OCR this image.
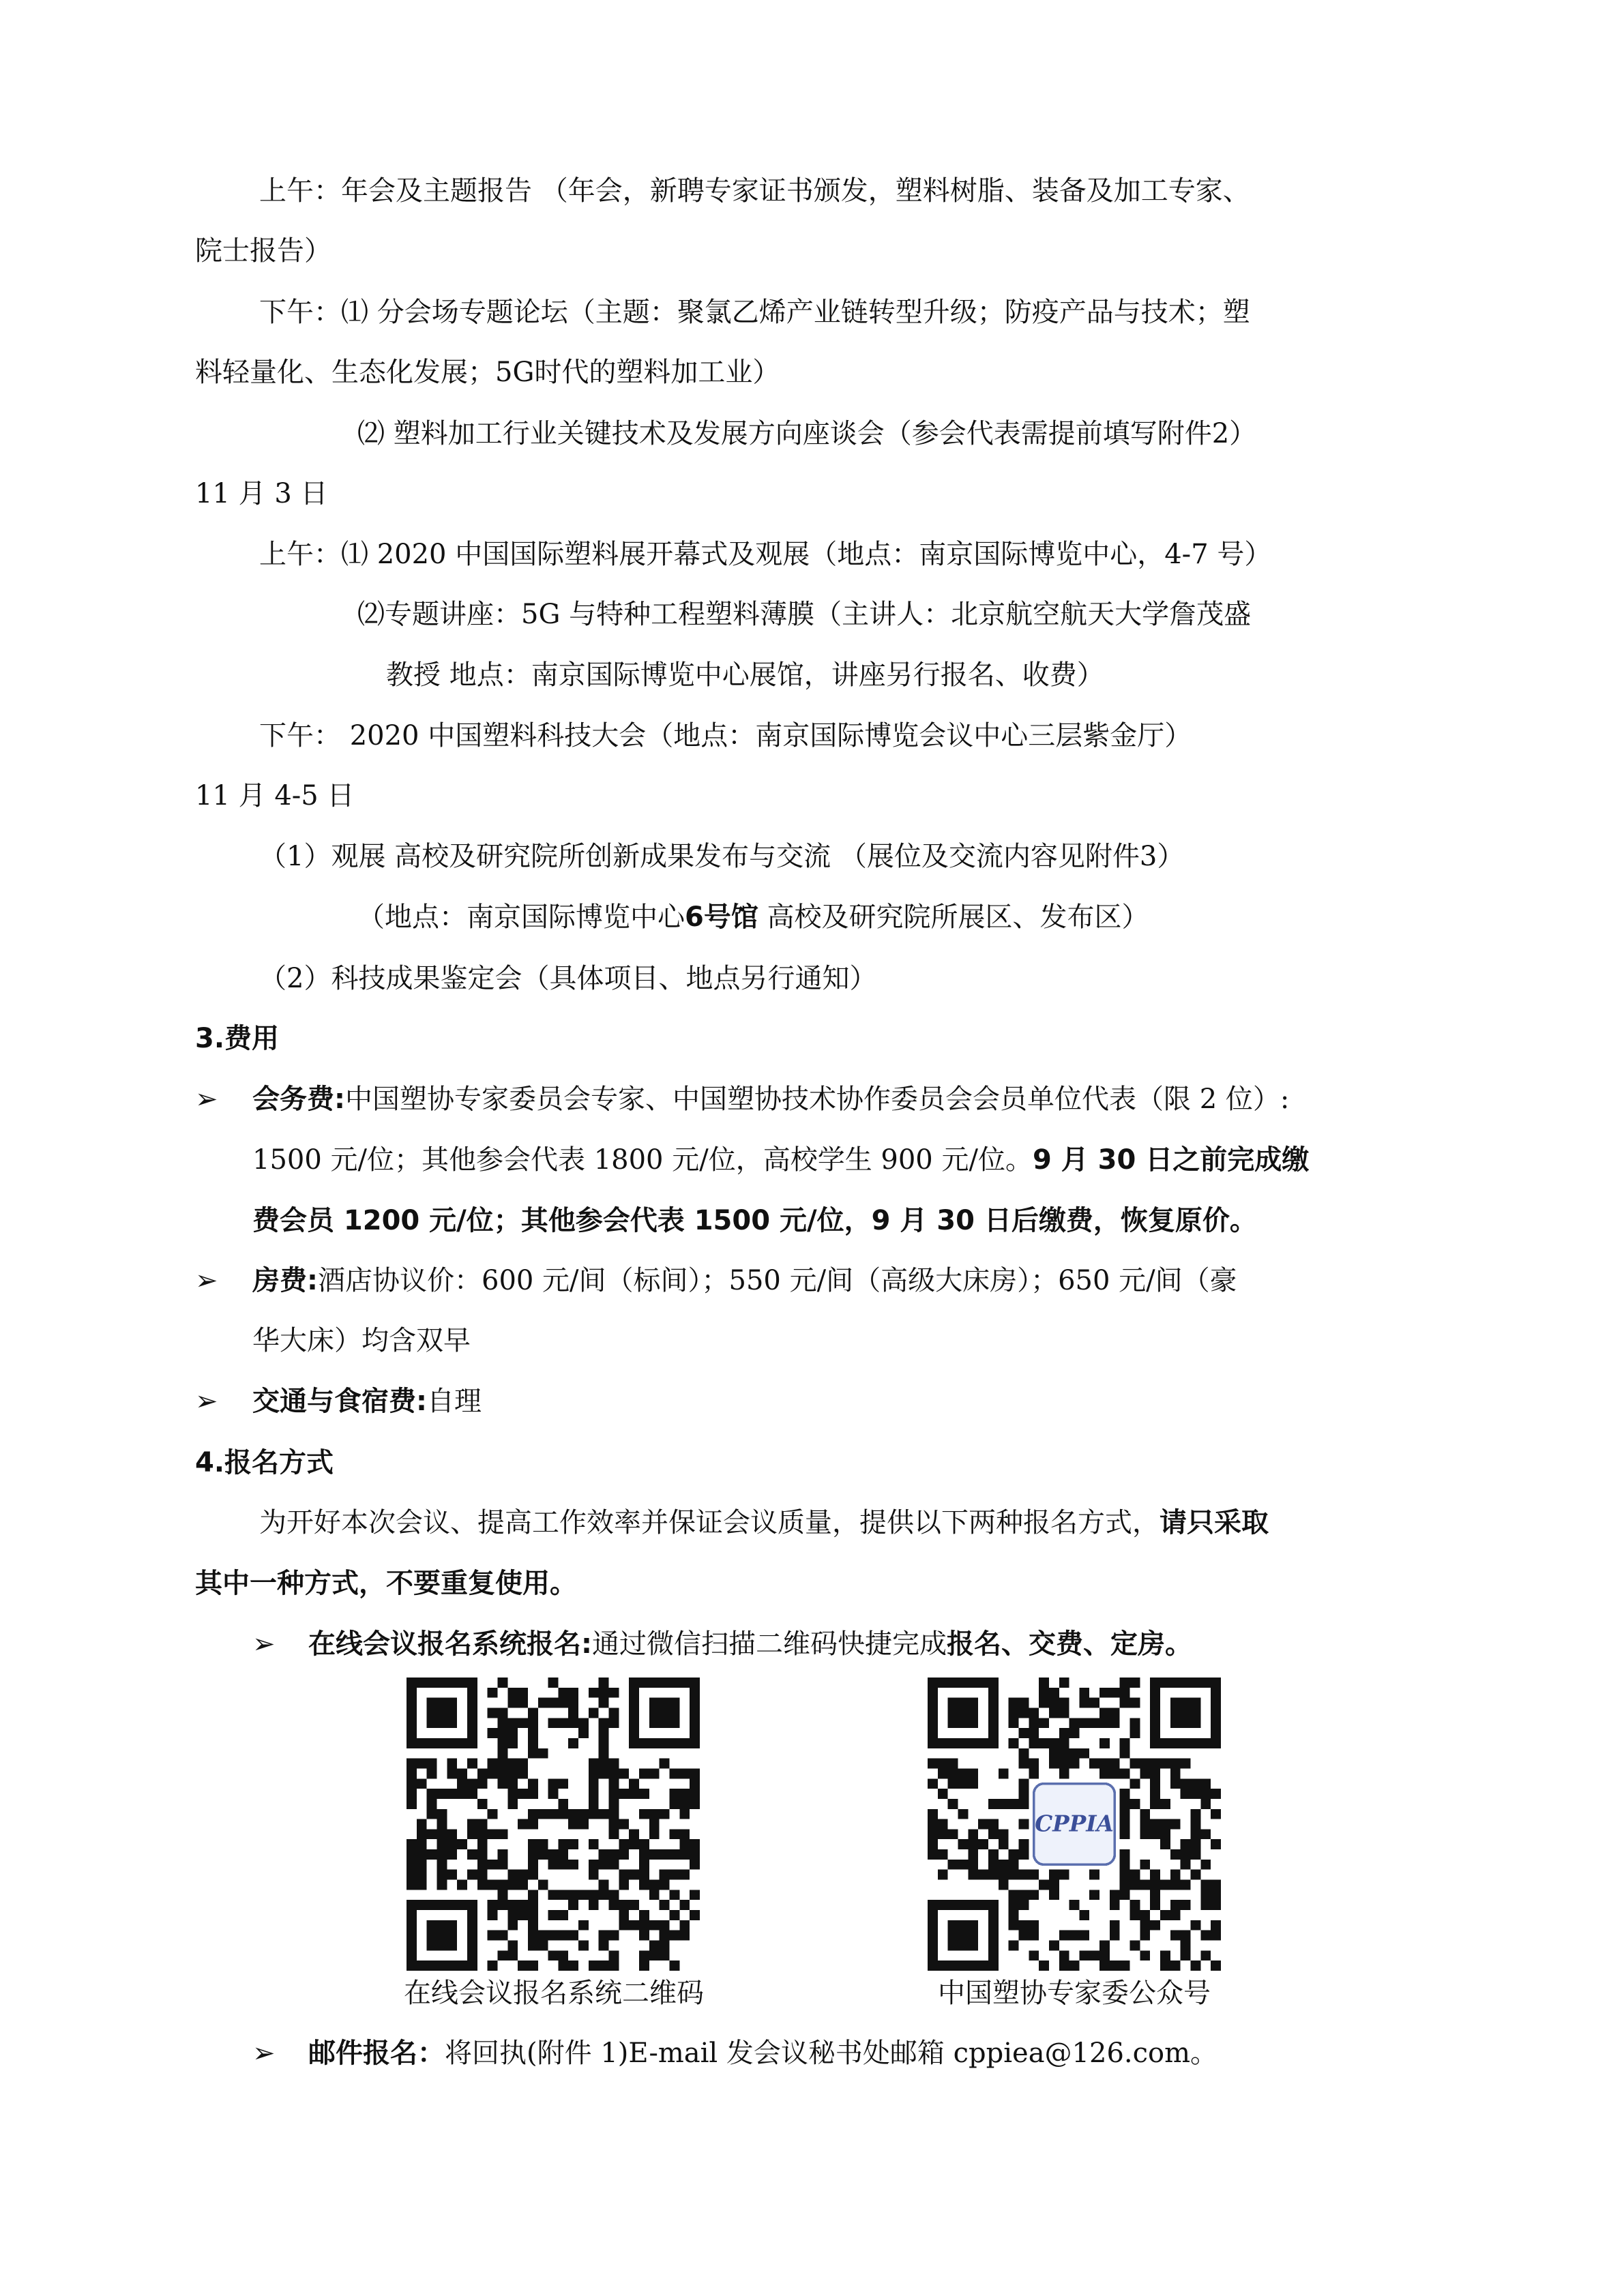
上午：年会及主题报告 （年会，新聘专家证书颁发，塑料树脂、装备及加工专家、
院士报告）
下午：⑴ 分会场专题论坛（主题：聚氯乙烯产业链转型升级；防疫产品与技术；塑
料轻量化、生态化发展；5G时代的塑料加工业）
⑵ 塑料加工行业关键技术及发展方向座谈会（参会代表需提前填写附件2）
11 月 3 日
上午：⑴ 2020 中国国际塑料展开幕式及观展（地点：南京国际博览中心，4-7 号）
⑵专题讲座：5G 与特种工程塑料薄膜（主讲人：北京航空航天大学詹茂盛
教授 地点：南京国际博览中心展馆，讲座另行报名、收费）
下午： 2020 中国塑料科技大会（地点：南京国际博览会议中心三层紫金厅）
11 月 4-5 日
（1）观展 高校及研究院所创新成果发布与交流 （展位及交流内容见附件3）
（地点：南京国际博览中心6号馆 高校及研究院所展区、发布区）
（2）科技成果鉴定会（具体项目、地点另行通知）
3.费用
➢ 会务费:中国塑协专家委员会专家、中国塑协技术协作委员会会员单位代表（限 2 位）:
1500 元/位；其他参会代表 1800 元/位，高校学生 900 元/位。9 月 30 日之前完成缴
费会员 1200 元/位；其他参会代表 1500 元/位，9 月 30 日后缴费，恢复原价。
➢ 房费:酒店协议价：600 元/间（标间）；550 元/间（高级大床房）；650 元/间（豪
华大床）均含双早
➢ 交通与食宿费:自理
4.报名方式
为开好本次会议、提高工作效率并保证会议质量，提供以下两种报名方式，请只采取
其中一种方式，不要重复使用。
➢ 在线会议报名系统报名:通过微信扫描二维码快捷完成报名、交费、定房。
在线会议报名系统二维码
CPPIA
中国塑协专家委公众号
➢ 邮件报名：将回执(附件 1)E-mail 发会议秘书处邮箱 cppiea@126.com。
